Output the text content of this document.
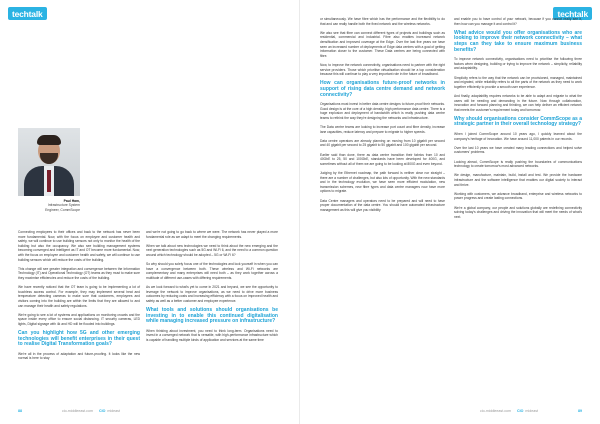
techtalk
Paul Ham,
Infrastructure System
Engineer, CommScope

Connecting employees to their offices and back to the network has never been more fundamental. Now, with the focus on employee and customer health and safety, we will continue to use building sensors not only to monitor the health of the building but also the occupancy. We also see building management systems becoming converged and intelligent as IT and OT become more fundamental. Now, with the focus on employee and customer health and safety, we will continue to use building sensors which will reduce the costs of the building.

This change will see greater integration and convergence between the Information Technology (IT) and Operational Technology (OT) teams as they must to make sure they maximise efficiencies and reduce the costs of the building.

We have recently noticed that the OT team is going to be implementing a lot of touchless access control. For example, they may implement several heat and temperature detecting cameras to make sure that customers, employees and visitors coming into the building are within the limits that they are allowed to and can manage their health and safety regulations.

We're going to see a lot of systems and applications on monitoring crowds and the space inside every office to ensure social distancing. IT security cameras, LED lights, Digital signage with 4k and HD will be flooded into buildings.

Can you highlight how 5G and other emerging technologies will benefit enterprises in their quest to realise Digital Transformation goals?

We're all in the process of adaptation and future-proofing. It looks like the new normal is here to stay

and we're not going to go back to where we were. The network has never played a more fundamental role as we adapt to meet the changing requirements.

When we talk about new technologies we need to think about the new emerging and the next generation technologies such as 5G and Wi-Fi 6, and the need to a common question around which technology should be adopted – 5G or Wi-Fi 6?

So why should you solely focus one of the technologies and lock yourself in when you can have a convergence between both. These wireless and Wi-Fi networks are complementary and many enterprises will need both – as they work together across a multitude of different use-cases with differing requirements.

As we look forward to what's yet to come in 2021 and beyond, we see the opportunity to leverage the network to improve organisations, as we need to drive more business outcomes by reducing costs and increasing efficiency with a focus on improved health and safety as well as a better customer and employee experience.

What tools and solutions should organisations be investing in to enable this continued digitalisation while managing increased pressure on infrastructure?

When thinking about investment, you need to think long-term. Organisations need to invest in a converged network that is versatile, with high-performance infrastructure which is capable of handling multiple kinds of application and services at the same time

88	cio-middleeast.com CIO mideast
techtalk

or simultaneously. We have fibre which has the performance and the flexibility to do that and can really handle both the fixed network and the wireless networks.

We also see that fibre can connect different types of projects and buildings such as residential, commercial and industrial. Fibre also enables increased network densification and improved coverage at the Edge. Over the last five years we have seen an increased number of deployments of Edge data centres with a goal of getting information closer to the customer. These Data centres are being connected with fibre.

Now, to improve the network connectivity, organisations need to partner with the right service providers. Those which prioritise virtualisation should be a top consideration because this will continue to play a very important role in the future of broadband.

How can organisations future-proof networks in support of rising data centre demand and network connectivity?

Organisations must invest in better data centre designs to future-proof their networks. Good design is at the core of a high density, high performance data centre. There is a huge explosion and deployment of bandwidth which is really pushing data centre teams to rethink the way they're designing the networks and infrastructure.

The Data centre teams are looking to increase port count and fibre density, increase lane capacities, reduce latency and prepare to migrate to higher speeds.

Data centre operators are already planning on moving from 10 gigabit per second and 40 gigabit per second to 25 gigabit to 50 gigabit and 100 gigabit per second.

Earlier said than done, there as data centre transition their fabrics from 10 and 40GbE to 25, 50 and 100GbE, standards have been developed for 400G, and sometimes without all of them we are going to be looking at 800G and even beyond.

Judging by the Ethernet roadmap, the path forward is neither clear nor straight – there are a number of challenges, but also lots of opportunity. With the new standards and in the technology evolution, we have seen more efficient modulation, new transmission schemes, new fibre types and data centre managers now have more options to migrate.

Data Centre managers and operators need to be prepared and will need to have proper documentation of the data centre. You should have automated infrastructure management as this will give you visibility

and enable you to have control of your network, because if you cannot really see it, then how can you manage it and control it?

What advice would you offer organisations who are looking to improve their network connectivity – what steps can they take to ensure maximum business benefits?

To improve network connectivity, organisations need to prioritise the following three factors when designing, building or trying to improve the network – simplicity, reliability and adaptability.

Simplicity refers to the way that the network can be provisioned, managed, maintained and migrated, while reliability refers to all the parts of the network as they need to work together efficiently to provide a smooth user experience.

And finally, adaptability requires networks to be able to adapt and migrate to what the users will be needing and demanding in the future. Now through collaboration, innovation and forward planning and thinking, we can help deliver an efficient network that meets the customer's requirement today and tomorrow.

Why should organisations consider CommScope as a strategic partner in their overall technology strategy?

When I joined CommScope around 10 years ago, I quickly learned about the company's heritage of innovation. We have around 11,000 patents in our records.

Over the last 10 years we have created many leading connections and helped solve customers' problems.

Looking ahead, CommScope is really pushing the boundaries of communications technology to create tomorrow's most advanced networks.

We design, manufacture, maintain, build, install and test. We provide the hardware infrastructure and the software intelligence that enables our digital society to interact and thrive.

Working with customers, we advance broadband, enterprise and wireless networks to power progress and create lasting connections.

We're a global company, our people and solutions globally are redefining connectivity solving today's challenges and driving the innovation that will meet the needs of what's next.

cio-middleeast.com CIO mideast	89
